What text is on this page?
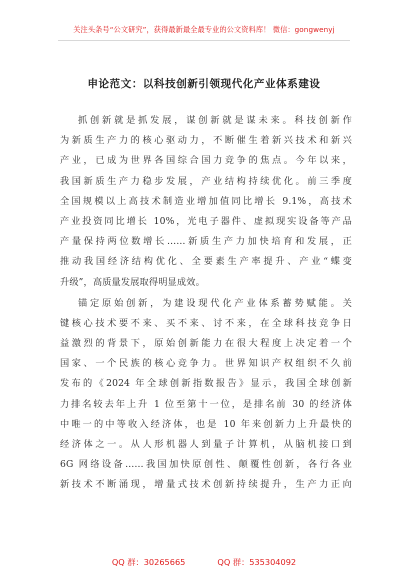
关注头条号“公文研究”，获得最新最全最专业的公文资料库！ 微信：gongwenyj
申论范文：以科技创新引领现代化产业体系建设
抓创新就是抓发展，谋创新就是谋未来。科技创新作
为新质生产力的核心驱动力，不断催生着新兴技术和新兴
产业，已成为世界各国综合国力竞争的焦点。今年以来，
我国新质生产力稳步发展，产业结构持续优化。前三季度
全国规模以上高技术制造业增加值同比增长 9.1%，高技术
产业投资同比增长 10%，光电子器件、虚拟现实设备等产品
产量保持两位数增长……新质生产力加快培育和发展，正
推动我国经济结构优化、全要素生产率提升、产业“蝶变
升级”，高质量发展取得明显成效。
锚定原始创新，为建设现代化产业体系蓄势赋能。关
键核心技术要不来、买不来、讨不来，在全球科技竞争日
益激烈的背景下，原始创新能力在很大程度上决定着一个
国家、一个民族的核心竞争力。世界知识产权组织不久前
发布的《2024 年全球创新指数报告》显示，我国全球创新
力排名较去年上升 1 位至第十一位，是排名前 30 的经济体
中唯一的中等收入经济体，也是 10 年来创新力上升最快的
经济体之一。从人形机器人到量子计算机，从脑机接口到
6G 网络设备……我国加快原创性、颠覆性创新，各行各业
新技术不断涌现，增量式技术创新持续提升，生产力正向
QQ 群：30265665	QQ 群：535304092
